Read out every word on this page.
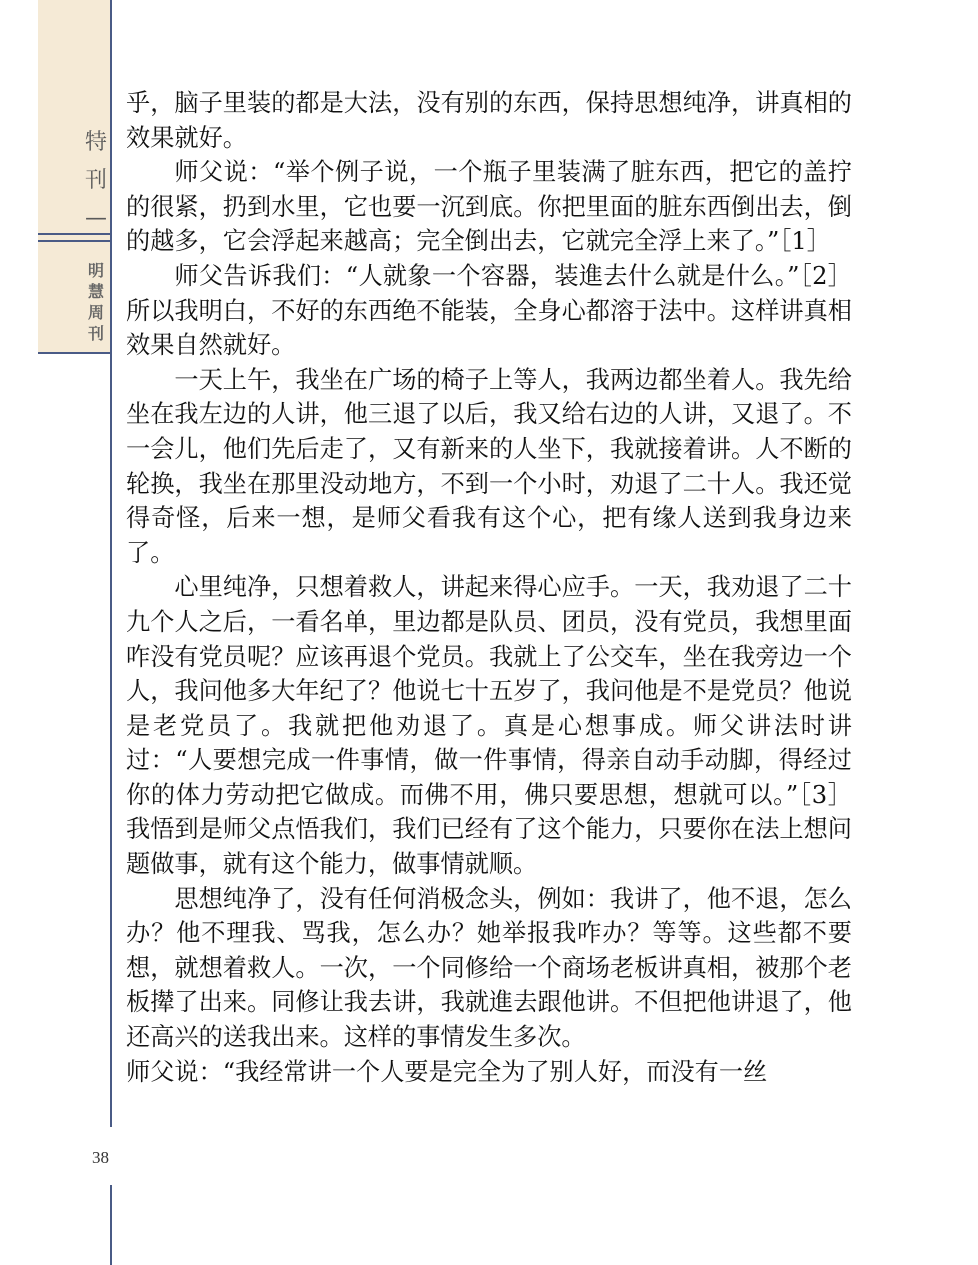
特
刊
—
明
慧
周
刊
38

乎，脑子里装的都是大法，没有别的东西，保持思想纯净，讲真相的效果就好。

师父说：“举个例子说，一个瓶子里装满了脏东西，把它的盖拧的很紧，扔到水里，它也要一沉到底。你把里面的脏东西倒出去，倒的越多，它会浮起来越高；完全倒出去，它就完全浮上来了。”［1］

师父告诉我们：“人就象一个容器，装進去什么就是什么。”［2］所以我明白，不好的东西绝不能装，全身心都溶于法中。这样讲真相效果自然就好。

一天上午，我坐在广场的椅子上等人，我两边都坐着人。我先给坐在我左边的人讲，他三退了以后，我又给右边的人讲，又退了。不一会儿，他们先后走了，又有新来的人坐下，我就接着讲。人不断的轮换，我坐在那里没动地方，不到一个小时，劝退了二十人。我还觉得奇怪，后来一想，是师父看我有这个心，把有缘人送到我身边来了。

心里纯净，只想着救人，讲起来得心应手。一天，我劝退了二十九个人之后，一看名单，里边都是队员、团员，没有党员，我想里面咋没有党员呢？应该再退个党员。我就上了公交车，坐在我旁边一个人，我问他多大年纪了？他说七十五岁了，我问他是不是党员？他说是老党员了。我就把他劝退了。真是心想事成。师父讲法时讲过：“人要想完成一件事情，做一件事情，得亲自动手动脚，得经过你的体力劳动把它做成。而佛不用，佛只要思想，想就可以。”［3］我悟到是师父点悟我们，我们已经有了这个能力，只要你在法上想问题做事，就有这个能力，做事情就顺。

思想纯净了，没有任何消极念头，例如：我讲了，他不退，怎么办？他不理我、骂我，怎么办？她举报我咋办？等等。这些都不要想，就想着救人。一次，一个同修给一个商场老板讲真相，被那个老板撵了出来。同修让我去讲，我就進去跟他讲。不但把他讲退了，他还高兴的送我出来。这样的事情发生多次。

师父说：“我经常讲一个人要是完全为了别人好，而没有一丝
